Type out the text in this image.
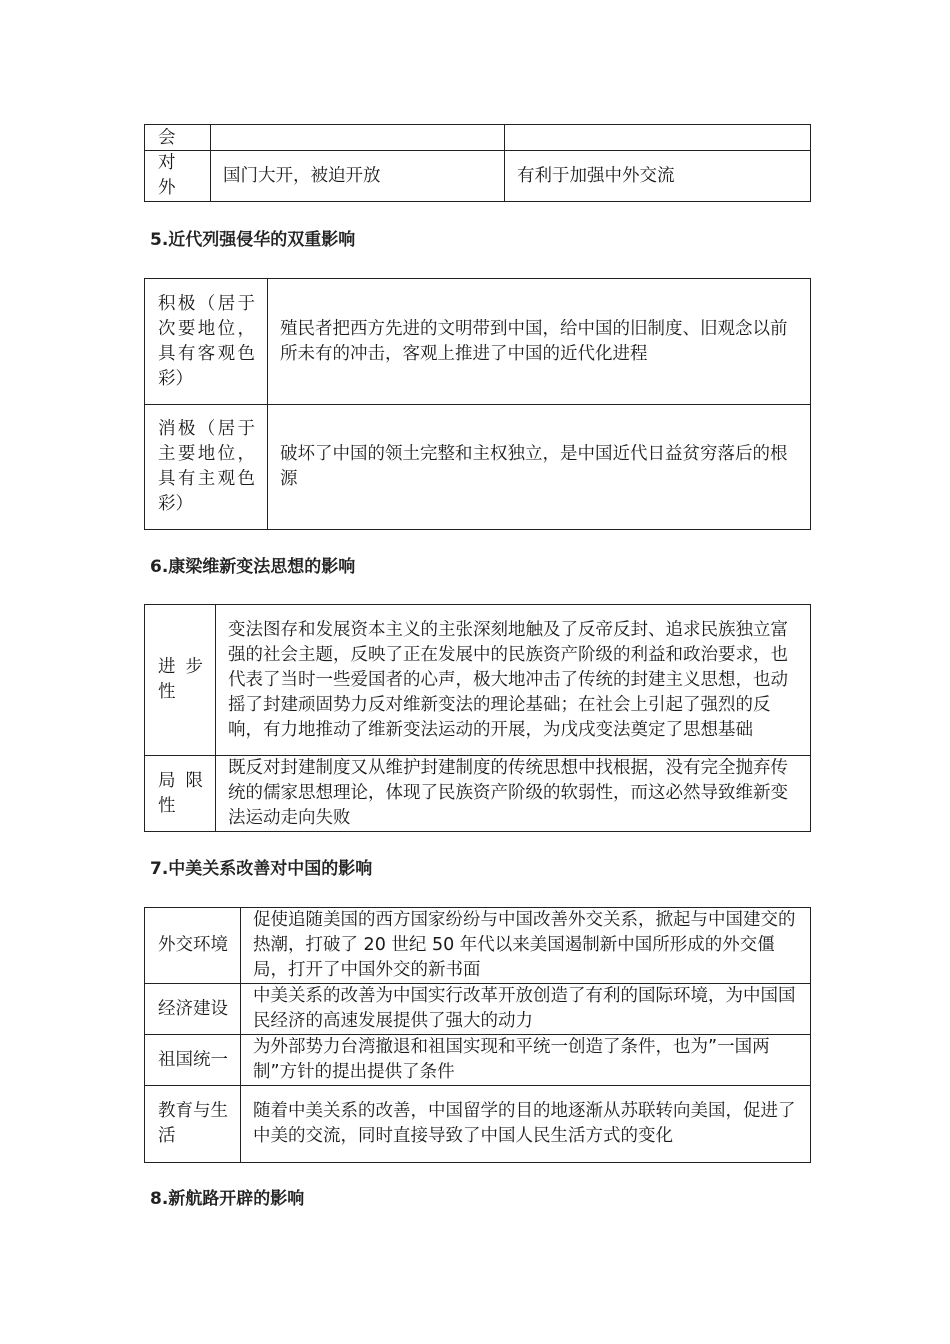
会		
对外	国门大开，被迫开放	有利于加强中外交流
5.近代列强侵华的双重影响
积极（居于次要地位，具有客观色彩）	殖民者把西方先进的文明带到中国，给中国的旧制度、旧观念以前所未有的冲击，客观上推进了中国的近代化进程
消极（居于主要地位，具有主观色彩）	破坏了中国的领土完整和主权独立，是中国近代日益贫穷落后的根源
6.康梁维新变法思想的影响
进步性	变法图存和发展资本主义的主张深刻地触及了反帝反封、追求民族独立富强的社会主题，反映了正在发展中的民族资产阶级的利益和政治要求，也代表了当时一些爱国者的心声，极大地冲击了传统的封建主义思想，也动摇了封建顽固势力反对维新变法的理论基础；在社会上引起了强烈的反响，有力地推动了维新变法运动的开展，为戊戌变法奠定了思想基础
局限性	既反对封建制度又从维护封建制度的传统思想中找根据，没有完全抛弃传统的儒家思想理论，体现了民族资产阶级的软弱性，而这必然导致维新变法运动走向失败
7.中美关系改善对中国的影响
外交环境	促使追随美国的西方国家纷纷与中国改善外交关系，掀起与中国建交的热潮，打破了 20 世纪 50 年代以来美国遏制新中国所形成的外交僵局，打开了中国外交的新书面
经济建设	中美关系的改善为中国实行改革开放创造了有利的国际环境，为中国国民经济的高速发展提供了强大的动力
祖国统一	为外部势力台湾撤退和祖国实现和平统一创造了条件，也为”一国两制”方针的提出提供了条件
教育与生活	随着中美关系的改善，中国留学的目的地逐渐从苏联转向美国，促进了中美的交流，同时直接导致了中国人民生活方式的变化
8.新航路开辟的影响
